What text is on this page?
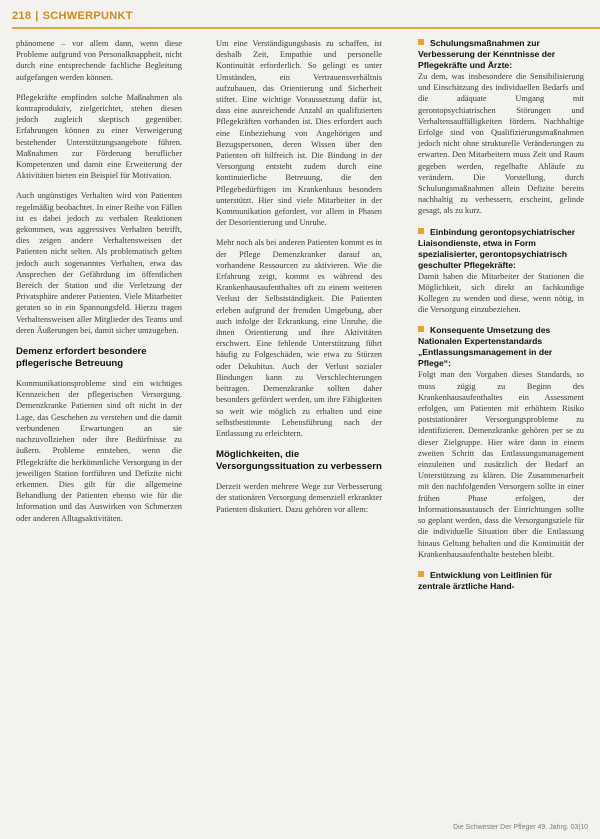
218 | SCHWERPUNKT

phänomene – vor allem dann, wenn diese Probleme aufgrund von Personalknappheit, nicht durch eine entsprechende fachliche Begleitung aufgefangen werden können.

Pflegekräfte empfinden solche Maßnahmen als kontraproduktiv, zielgerichtet, stehen diesen jedoch zugleich skeptisch gegenüber. Erfahrungen können zu einer Verweigerung bestehender Unterstützungsangebote führen. Maßnahmen zur Förderung beruflicher Kompetenzen und damit eine Erweiterung der Aktivitäten bieten ein Beispiel für Motivation.

Auch ungünstiges Verhalten wird von Patienten regelmäßig beobachtet. In einer Reihe von Fällen ist es dabei jedoch zu verbalen Reaktionen gekommen, was aggressives Verhalten betrifft, dies zeigen andere Verhaltensweisen der Patienten nicht selten. Als problematisch gelten jedoch auch sogenanntes Verhalten, etwa das Ansprechen der Gefährdung im öffentlichen Bereich der Station und die Verletzung der Privatsphäre anderer Patienten. Viele Mitarbeiter geraten so in ein Spannungsfeld. Hierzu tragen Verhaltensweisen aller Mitglieder des Teams und deren Äußerungen bei, damit sicher umzugehen.

Demenz erfordert besondere pflegerische Betreuung

Kommunikationsprobleme sind ein wichtiges Kennzeichen der pflegerischen Versorgung. Demenzkranke Patienten sind oft nicht in der Lage, das Geschehen zu verstehen und die damit verbundenen Erwartungen an sie nachzuvollziehen oder ihre Bedürfnisse zu äußern. Probleme entstehen, wenn die Pflegekräfte die herkömmliche Versorgung in der jeweiligen Station fortführen und Defizite nicht erkennen. Dies gilt für die allgemeine Behandlung der Patienten ebenso wie für die Information und das Auswirken von Schmerzen oder anderen Alltagsaktivitäten.

Um eine Verständigungsbasis zu schaffen, ist deshalb Zeit, Empathie und personelle Kontinuität erforderlich. So gelingt es unter Umständen, ein Vertrauensverhältnis aufzubauen, das Orientierung und Sicherheit stiftet. Eine wichtige Voraussetzung dafür ist, dass eine ausreichende Anzahl an qualifizierten Pflegekräften vorhanden ist. Dies erfordert auch eine Einbeziehung von Angehörigen und Bezugspersonen, deren Wissen über den Patienten oft hilfreich ist. Die Bindung in der Versorgung entsteht zudem durch eine kontinuierliche Betreuung, die den Pflegebedürftigen im Krankenhaus besonders unterstützt. Hier sind viele Mitarbeiter in der Kommunikation gefordert, vor allem in Phasen der Desorientierung und Unruhe.

Mehr noch als bei anderen Patienten kommt es in der Pflege Demenzkranker darauf an, vorhandene Ressourcen zu aktivieren. Wie die Erfahrung zeigt, kommt es während des Krankenhausaufenthaltes oft zu einem weiteren Verlust der Selbstständigkeit. Die Patienten erleben aufgrund der fremden Umgebung, aber auch infolge der Erkrankung, eine Unruhe, die ihnen Orientierung und ihre Aktivitäten erschwert. Eine fehlende Unterstützung führt häufig zu Folgeschäden, wie etwa zu Stürzen oder Dekubitus. Auch der Verlust sozialer Bindungen kann zu Verschlechterungen beitragen. Demenzkranke sollten daher besonders gefördert werden, um ihre Fähigkeiten so weit wie möglich zu erhalten und eine selbstbestimmte Lebensführung nach der Entlassung zu erleichtern.

Möglichkeiten, die Versorgungssituation zu verbessern

Derzeit werden mehrere Wege zur Verbesserung der stationären Versorgung demenziell erkrankter Patienten diskutiert. Dazu gehören vor allem:

Schulungsmaßnahmen zur Verbesserung der Kenntnisse der Pflegekräfte und Ärzte:
Zu dem, was insbesondere die Sensibilisierung und Einschätzung des individuellen Bedarfs und die adäquate Umgang mit gerontopsychiatrischen Störungen und Verhaltensauffälligkeiten fördern. Nachhaltige Erfolge sind von Qualifizierungsmaßnahmen jedoch nicht ohne strukturelle Veränderungen zu erwarten. Den Mitarbeitern muss Zeit und Raum gegeben werden, regelhafte Abläufe zu verändern. Die Vorstellung, durch Schulungsmaßnahmen allein Defizite bereits nachhaltig zu verbessern, erscheint, gelinde gesagt, als zu kurz.
Einbindung gerontopsychiatrischer Liaisondienste, etwa in Form spezialisierter, gerontopsychiatrisch geschulter Pflegekräfte:
Damit haben die Mitarbeiter der Stationen die Möglichkeit, sich direkt an fachkundige Kollegen zu wenden und diese, wenn nötig, in die Versorgung einzubeziehen.
Konsequente Umsetzung des Nationalen Expertenstandards „Entlassungsmanagement in der Pflege“:
Folgt man den Vorgaben dieses Standards, so muss zügig zu Beginn des Krankenhausaufenthaltes ein Assessment erfolgen, um Patienten mit erhöhtem Risiko poststationärer Versorgungsprobleme zu identifizieren. Demenzkranke gehören per se zu dieser Zielgruppe. Hier wäre dann in einem zweiten Schritt das Entlassungsmanagement einzuleiten und zusätzlich der Bedarf an Unterstützung zu klären. Die Zusammenarbeit mit den nachfolgenden Versorgern sollte in einer frühen Phase erfolgen, der Informationsaustausch der Einrichtungen sollte so geplant werden, dass die Versorgungsziele für die individuelle Situation über die Entlassung hinaus Geltung behalten und die Kontinuität der Krankenhausaufenthalte bestehen bleibt.
Entwicklung von Leitlinien für zentrale ärztliche Hand-
Die Schwester Der Pfleger 49. Jahrg. 03|10
